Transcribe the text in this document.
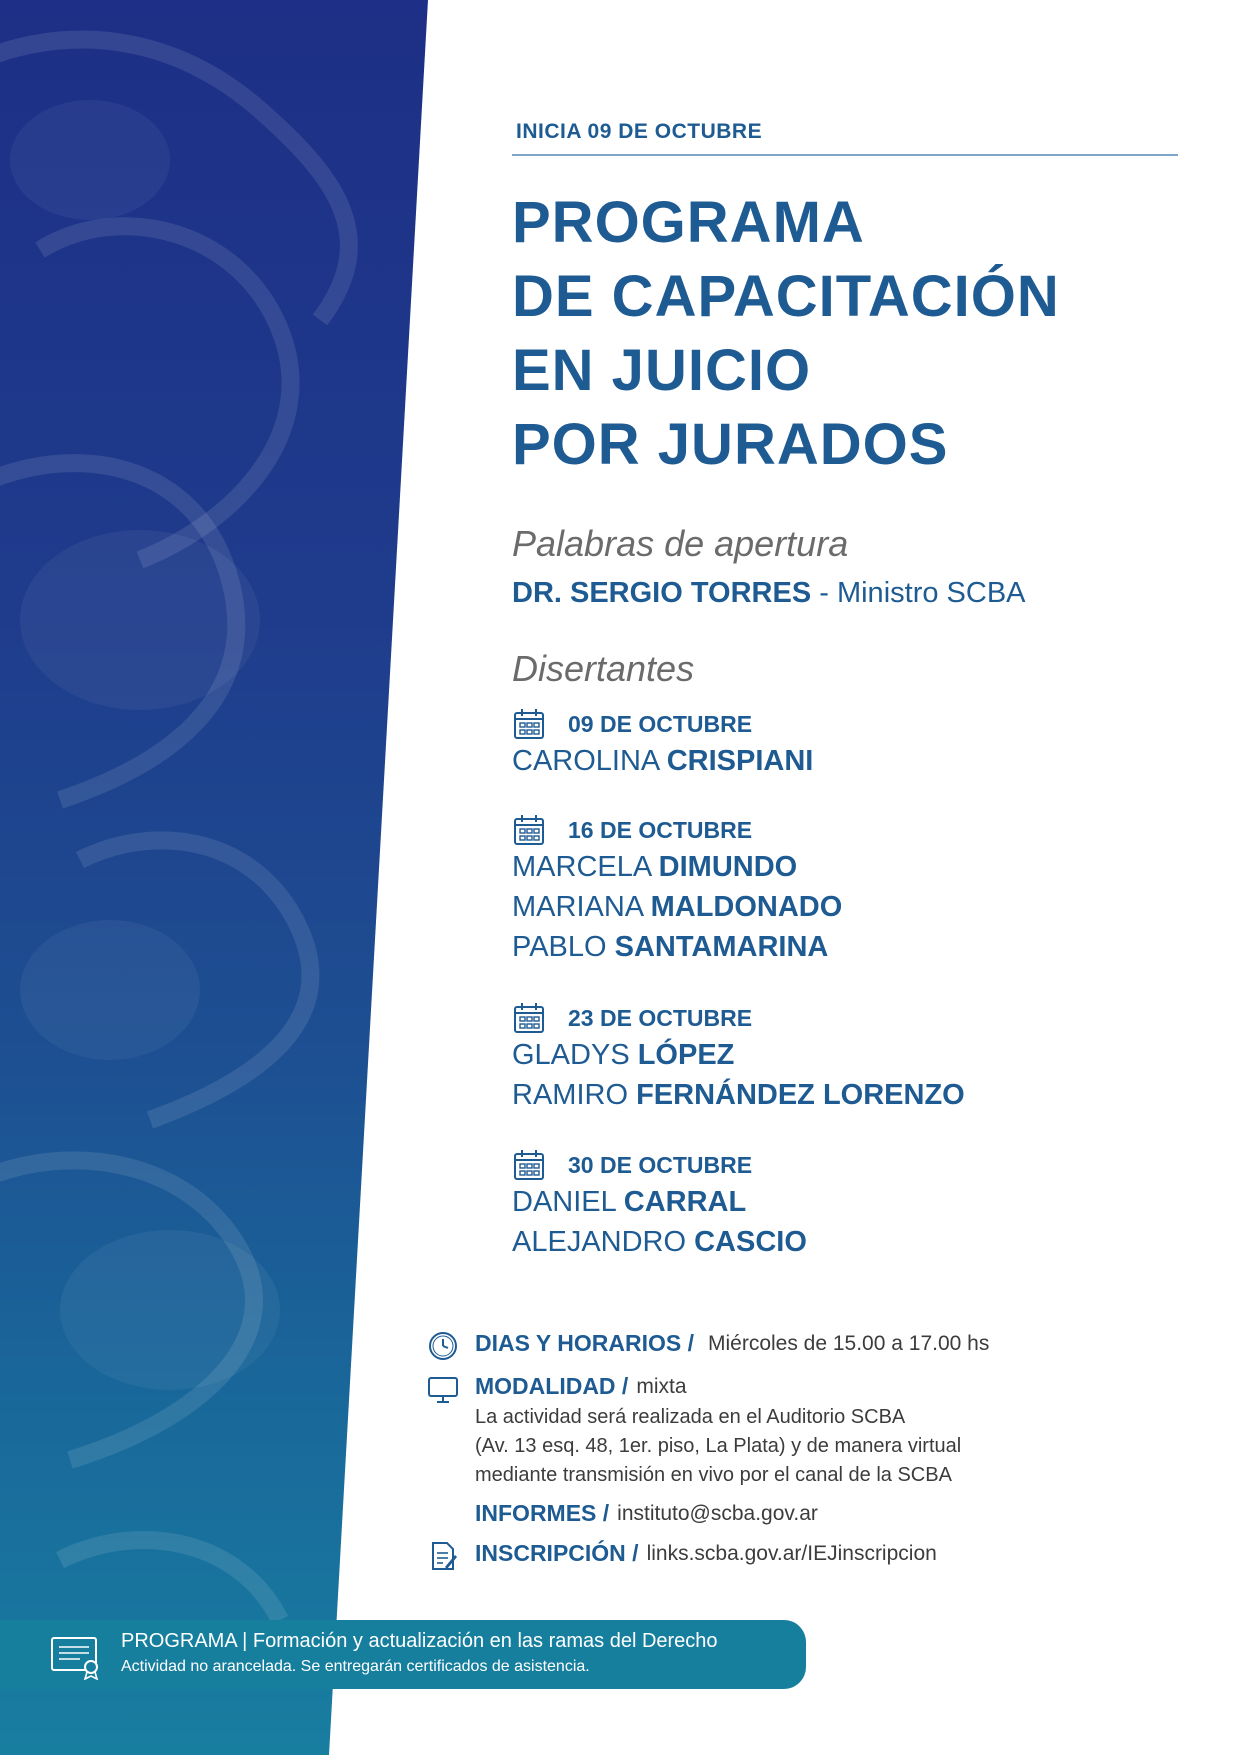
INICIA 09 DE OCTUBRE
PROGRAMA
DE CAPACITACIÓN
EN JUICIO
POR JURADOS
Palabras de apertura
DR. SERGIO TORRES - Ministro SCBA
Disertantes
09 DE OCTUBRE
CAROLINA CRISPIANI
16 DE OCTUBRE
MARCELA DIMUNDO
MARIANA MALDONADO
PABLO SANTAMARINA
23 DE OCTUBRE
GLADYS LÓPEZ
RAMIRO FERNÁNDEZ LORENZO
30 DE OCTUBRE
DANIEL CARRAL
ALEJANDRO CASCIO
DIAS Y HORARIOS / Miércoles de 15.00 a 17.00 hs
MODALIDAD / mixta
La actividad será realizada en el Auditorio SCBA
(Av. 13 esq. 48, 1er. piso, La Plata) y de manera virtual
mediante transmisión en vivo por el canal de la SCBA
INFORMES / instituto@scba.gov.ar
INSCRIPCIÓN / links.scba.gov.ar/IEJinscripcion
PROGRAMA | Formación y actualización en las ramas del Derecho
Actividad no arancelada. Se entregarán certificados de asistencia.
